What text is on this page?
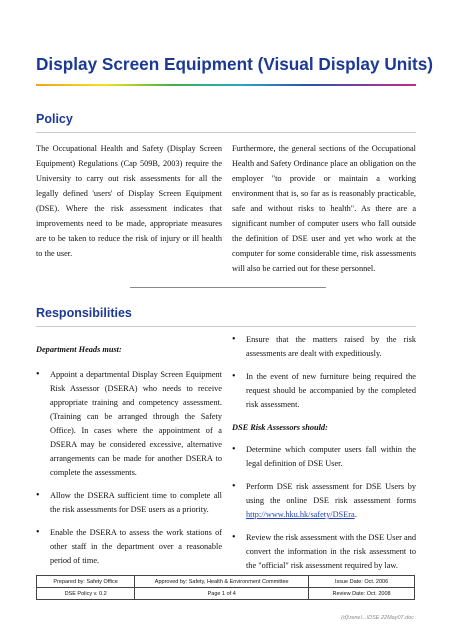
Display Screen Equipment (Visual Display Units)
Policy
The Occupational Health and Safety (Display Screen Equipment) Regulations (Cap 509B, 2003) require the University to carry out risk assessments for all the legally defined 'users' of Display Screen Equipment (DSE). Where the risk assessment indicates that improvements need to be made, appropriate measures are to be taken to reduce the risk of injury or ill health to the user.
Furthermore, the general sections of the Occupational Health and Safety Ordinance place an obligation on the employer "to provide or maintain a working environment that is, so far as is reasonably practicable, safe and without risks to health". As there are a significant number of computer users who fall outside the definition of DSE user and yet who work at the computer for some considerable time, risk assessments will also be carried out for these personnel.
Responsibilities
Department Heads must:
• Appoint a departmental Display Screen Equipment Risk Assessor (DSERA) who needs to receive appropriate training and competency assessment. (Training can be arranged through the Safety Office). In cases where the appointment of a DSERA may be considered excessive, alternative arrangements can be made for another DSERA to complete the assessments.
• Allow the DSERA sufficient time to complete all the risk assessments for DSE users as a priority.
• Enable the DSERA to assess the work stations of other staff in the department over a reasonable period of time.
• Ensure that the matters raised by the risk assessments are dealt with expeditiously.
• In the event of new furniture being required the request should be accompanied by the completed risk assessment.
DSE Risk Assessors should:
• Determine which computer users fall within the legal definition of DSE User.
• Perform DSE risk assessment for DSE Users by using the online DSE risk assessment forms http://www.hku.hk/safety/DSEra.
• Review the risk assessment with the DSE User and convert the information in the risk assessment to the "official" risk assessment required by law.
Prepared by: Safety Office	Approved by: Safety, Health & Environment Committee	Issue Date: Oct. 2006
DSE Policy v. 0.2	Page 1 of 4	Review Date: Oct. 2008
(d)\rene\...\DSE 22May07.doc
